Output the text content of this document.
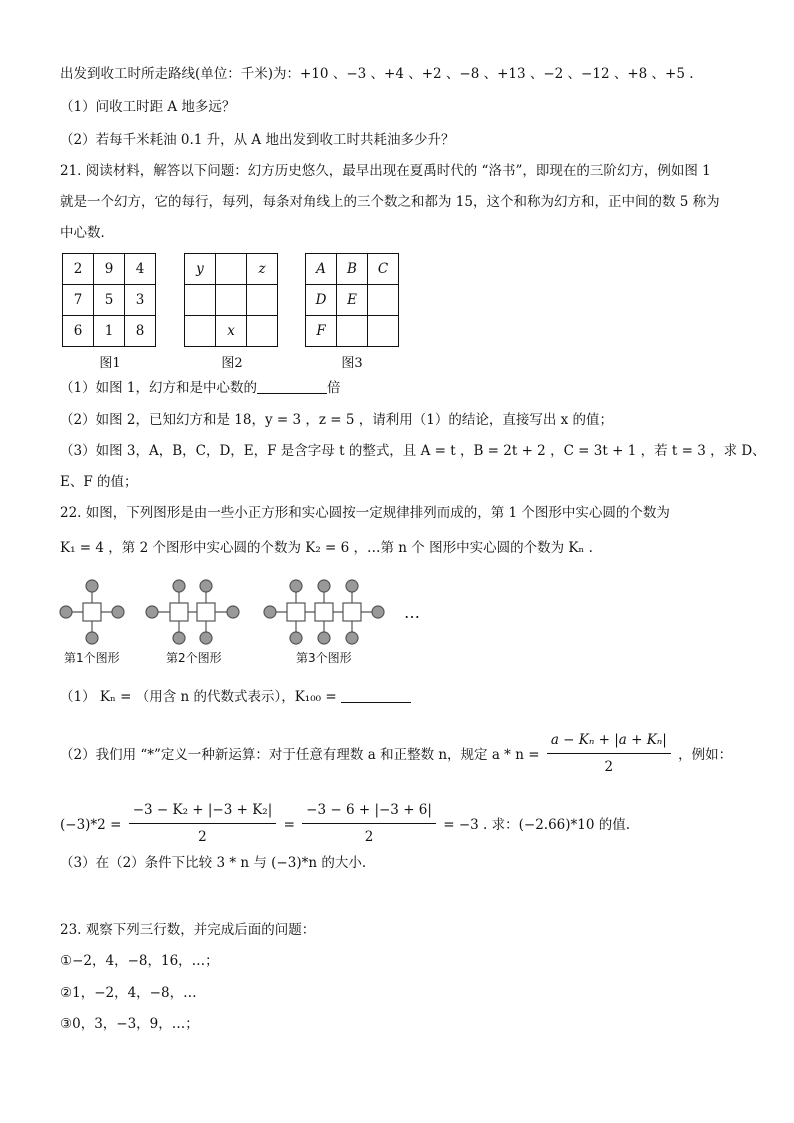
出发到收工时所走路线(单位：千米)为：+10 、−3 、+4 、+2 、−8 、+13 、−2 、−12 、+8 、+5 .
（1）问收工时距 A 地多远？
（2）若每千米耗油 0.1 升，从 A 地出发到收工时共耗油多少升？
21. 阅读材料，解答以下问题：幻方历史悠久，最早出现在夏禹时代的 “洛书”，即现在的三阶幻方，例如图 1
就是一个幻方，它的每行，每列，每条对角线上的三个数之和都为 15，这个和称为幻方和，正中间的数 5 称为
中心数．
2	9	4
7	5	3
6	1	8
图1
y		z

	x	
图2
A	B	C
D	E	
F		
图3
（1）如图 1，幻方和是中心数的	倍
（2）如图 2，已知幻方和是 18，y = 3 ，z = 5 ，请利用（1）的结论，直接写出 x 的值；
（3）如图 3，A，B，C，D，E，F 是含字母 t 的整式，且 A = t ，B = 2t + 2 ，C = 3t + 1 ，若 t = 3 ，求 D、
E、F 的值；
22. 如图，下列图形是由一些小正方形和实心圆按一定规律排列而成的，第 1 个图形中实心圆的个数为
K₁ = 4 ，第 2 个图形中实心圆的个数为 K₂ = 6 ，…第 n 个 图形中实心圆的个数为 Kₙ .
…
第1个图形	第2个图形	第3个图形
（1） Kₙ = （用含 n 的代数式表示），K₁₀₀ =
（2）我们用 “*”定义一种新运算：对于任意有理数 a 和正整数 n，规定 $a * n = \frac{\text{a − Kₙ + |a + Kₙ|}}{2}$ ，例如：
$(-3)*2 = \frac{\text{−3 − K₂ + |−3 + K₂|}}{2} = \frac{-3 - 6 + |-3 + 6|}{2} = -3$ . 求：(−2.66)*10 的值.
（3）在（2）条件下比较 3 * n 与 (−3)*n 的大小.
23. 观察下列三行数，并完成后面的问题：
①−2，4，−8，16，…；
②1，−2，4，−8，…
③0，3，−3，9，…；
